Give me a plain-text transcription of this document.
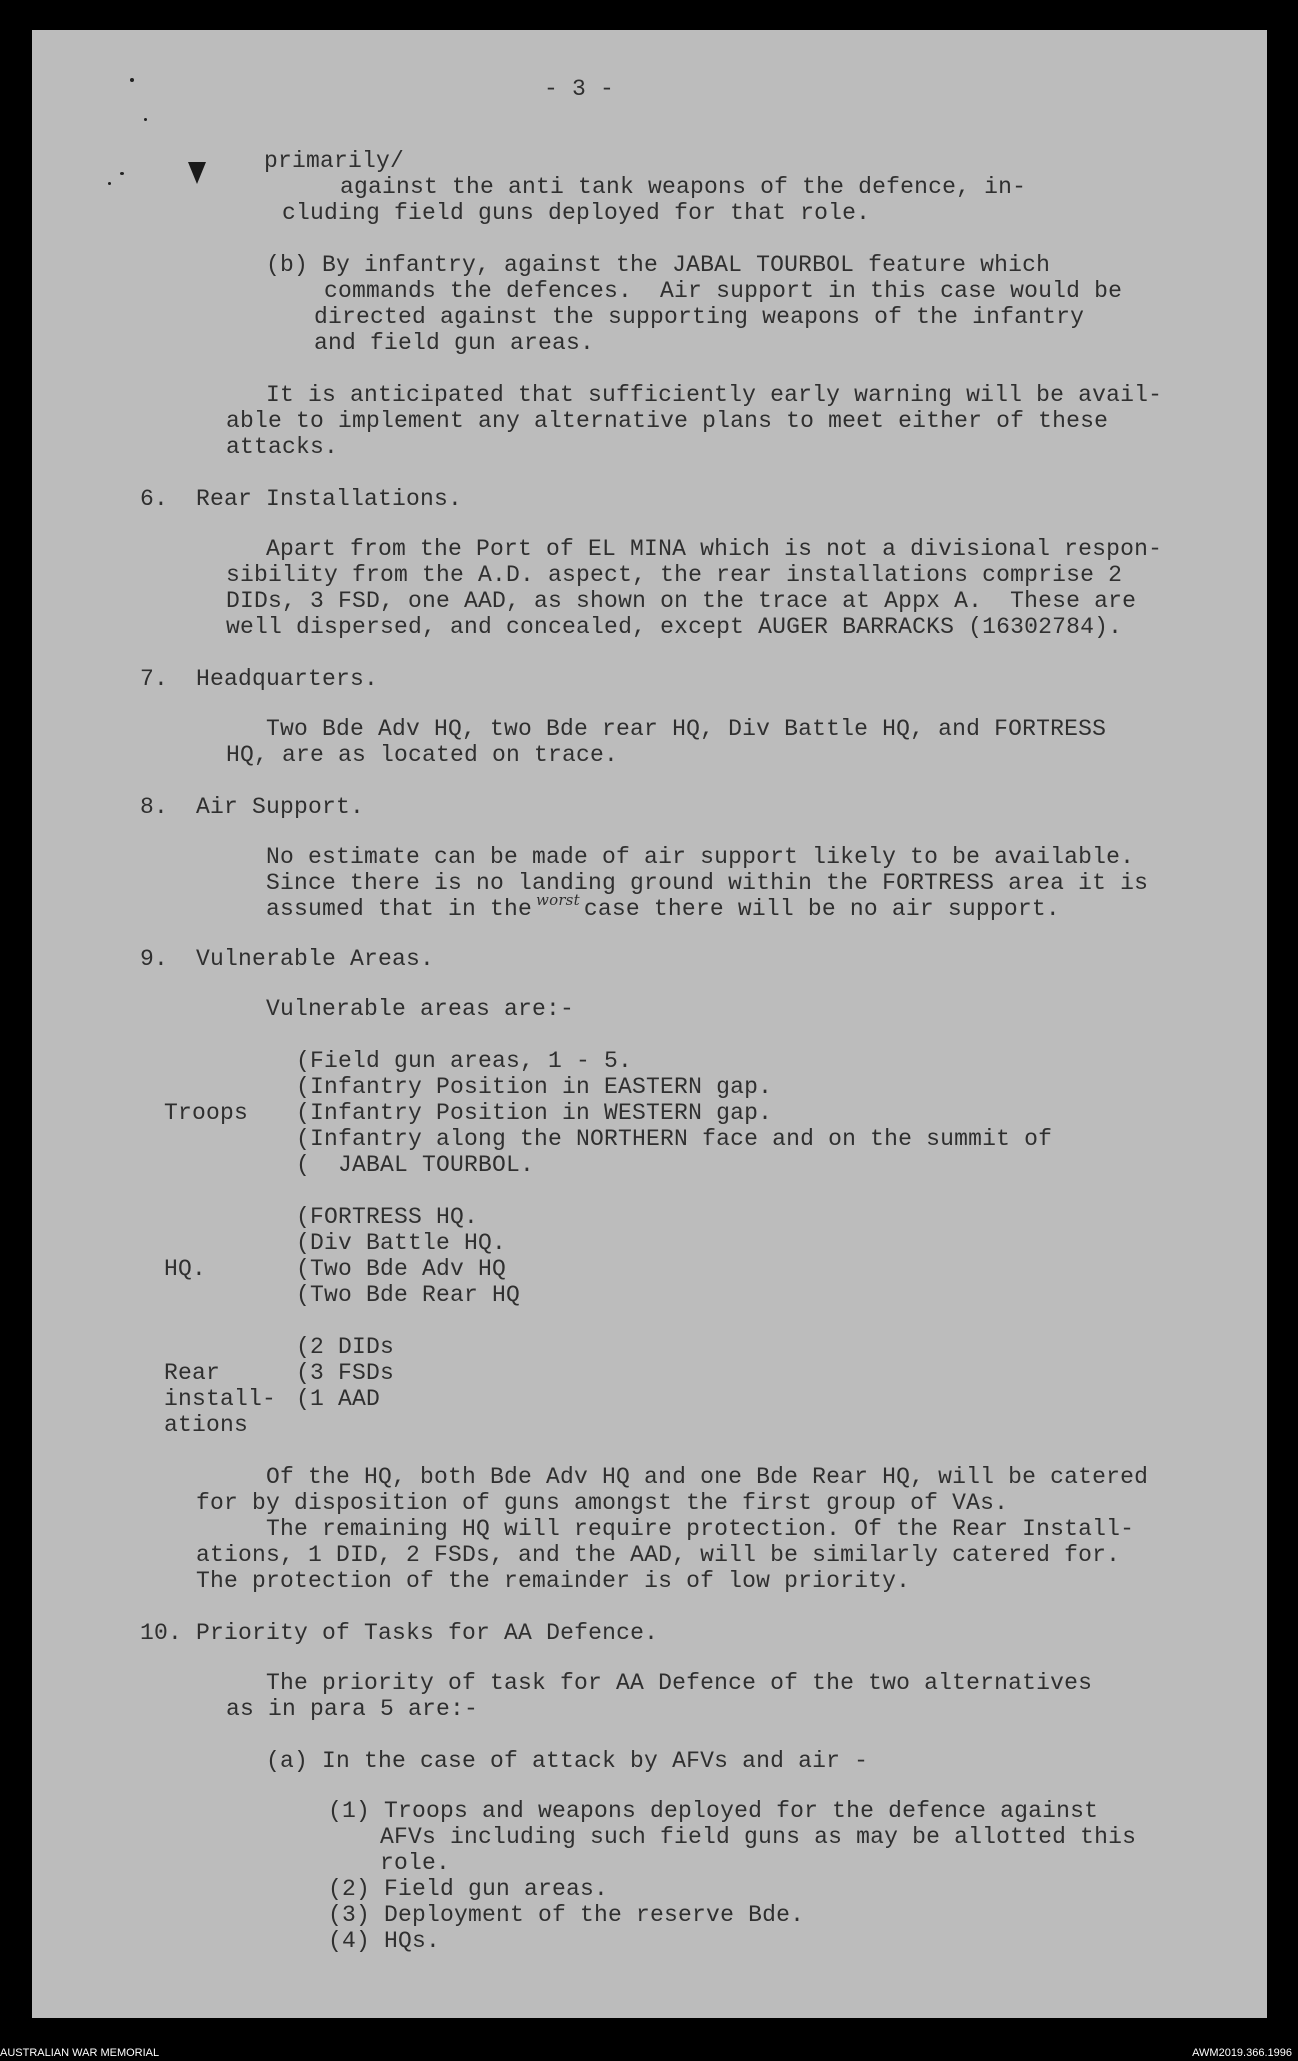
- 3 -
primarily/
against the anti tank weapons of the defence, in-
cluding field guns deployed for that role.
(b) By infantry, against the JABAL TOURBOL feature which
commands the defences.  Air support in this case would be
directed against the supporting weapons of the infantry
and field gun areas.
It is anticipated that sufficiently early warning will be avail-
able to implement any alternative plans to meet either of these
attacks.
6.  Rear Installations.
Apart from the Port of EL MINA which is not a divisional respon-
sibility from the A.D. aspect, the rear installations comprise 2
DIDs, 3 FSD, one AAD, as shown on the trace at Appx A.  These are
well dispersed, and concealed, except AUGER BARRACKS (16302784).
7.  Headquarters.
Two Bde Adv HQ, two Bde rear HQ, Div Battle HQ, and FORTRESS
HQ, are as located on trace.
8.  Air Support.
No estimate can be made of air support likely to be available.
Since there is no landing ground within the FORTRESS area it is
assumed that in the $^{worst}$ case there will be no air support.
9.  Vulnerable Areas.
Vulnerable areas are:-
(Field gun areas, 1 - 5.
(Infantry Position in EASTERN gap.
Troops (Infantry Position in WESTERN gap.
(Infantry along the NORTHERN face and on the summit of
(  JABAL TOURBOL.
(FORTRESS HQ.
(Div Battle HQ.
HQ.	(Two Bde Adv HQ
(Two Bde Rear HQ
(2 DIDs
Rear	(3 FSDs
install- (1 AAD
ations
Of the HQ, both Bde Adv HQ and one Bde Rear HQ, will be catered
for by disposition of guns amongst the first group of VAs.
The remaining HQ will require protection. Of the Rear Install-
ations, 1 DID, 2 FSDs, and the AAD, will be similarly catered for.
The protection of the remainder is of low priority.
10. Priority of Tasks for AA Defence.
The priority of task for AA Defence of the two alternatives
as in para 5 are:-
(a) In the case of attack by AFVs and air -
(1) Troops and weapons deployed for the defence against
AFVs including such field guns as may be allotted this
role.
(2) Field gun areas.
(3) Deployment of the reserve Bde.
(4) HQs.
AUSTRALIAN WAR MEMORIAL	AWM2019.366.1996
